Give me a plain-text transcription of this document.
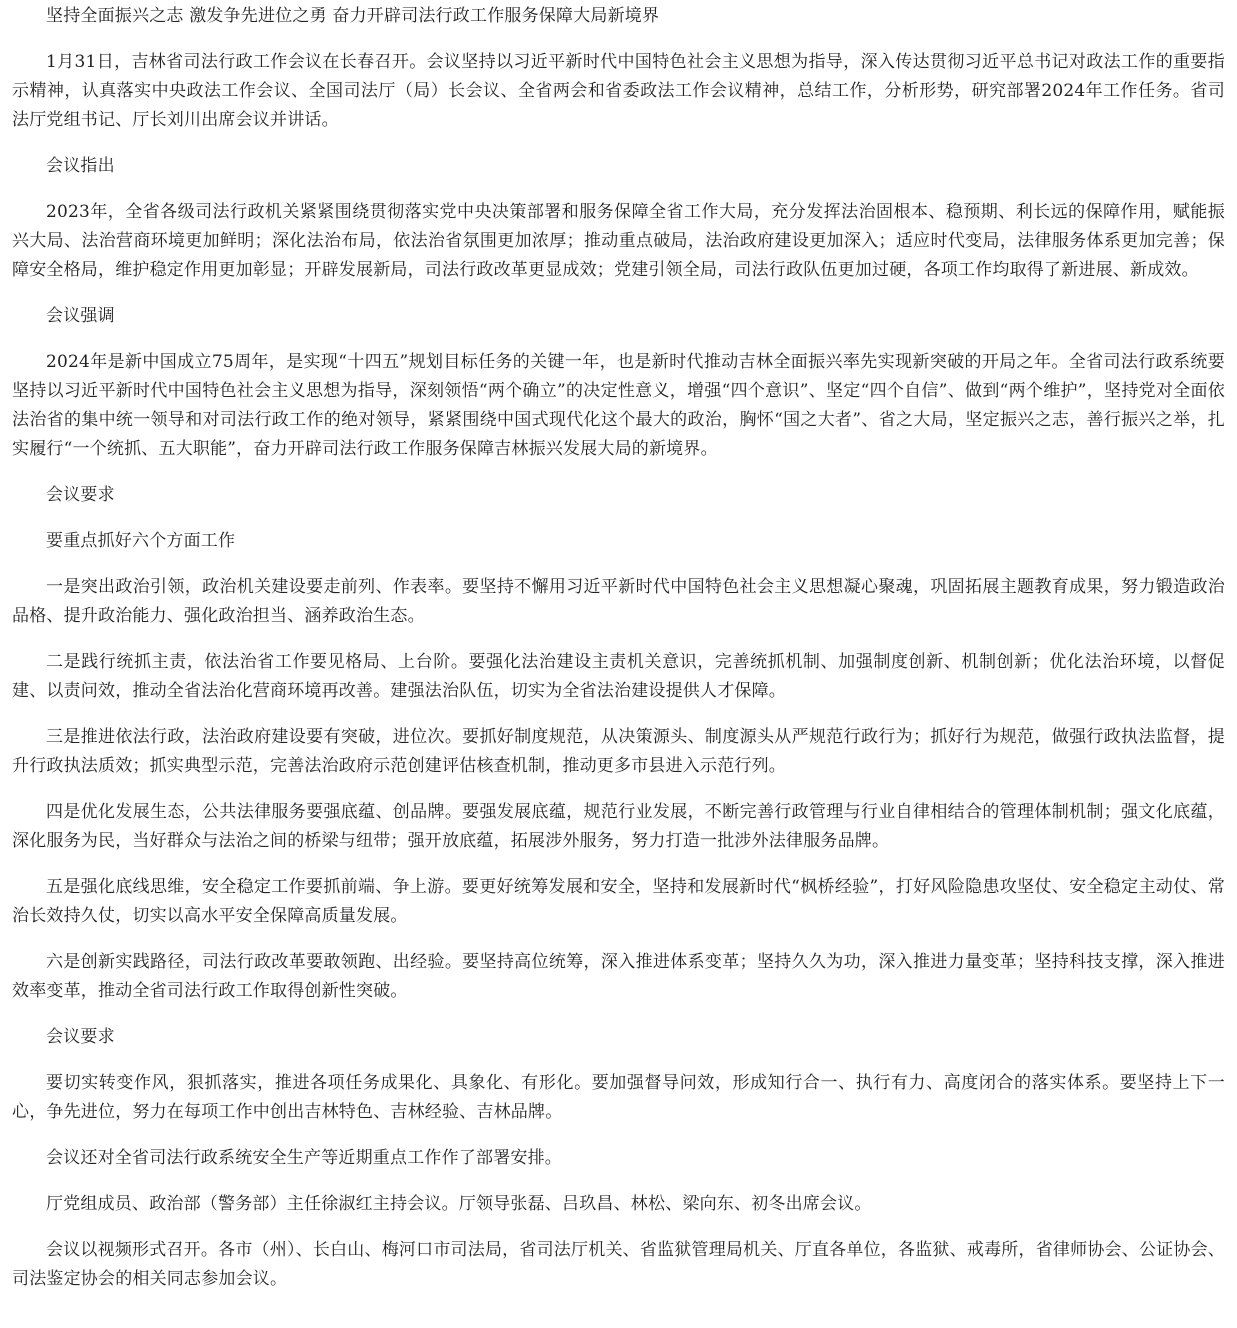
坚持全面振兴之志 激发争先进位之勇 奋力开辟司法行政工作服务保障大局新境界

1月31日，吉林省司法行政工作会议在长春召开。会议坚持以习近平新时代中国特色社会主义思想为指导，深入传达贯彻习近平总书记对政法工作的重要指示精神，认真落实中央政法工作会议、全国司法厅（局）长会议、全省两会和省委政法工作会议精神，总结工作，分析形势，研究部署2024年工作任务。省司法厅党组书记、厅长刘川出席会议并讲话。

会议指出

2023年，全省各级司法行政机关紧紧围绕贯彻落实党中央决策部署和服务保障全省工作大局，充分发挥法治固根本、稳预期、利长远的保障作用，赋能振兴大局、法治营商环境更加鲜明；深化法治布局，依法治省氛围更加浓厚；推动重点破局，法治政府建设更加深入；适应时代变局，法律服务体系更加完善；保障安全格局，维护稳定作用更加彰显；开辟发展新局，司法行政改革更显成效；党建引领全局，司法行政队伍更加过硬，各项工作均取得了新进展、新成效。

会议强调

2024年是新中国成立75周年，是实现“十四五”规划目标任务的关键一年，也是新时代推动吉林全面振兴率先实现新突破的开局之年。全省司法行政系统要坚持以习近平新时代中国特色社会主义思想为指导，深刻领悟“两个确立”的决定性意义，增强“四个意识”、坚定“四个自信”、做到“两个维护”，坚持党对全面依法治省的集中统一领导和对司法行政工作的绝对领导，紧紧围绕中国式现代化这个最大的政治，胸怀“国之大者”、省之大局，坚定振兴之志，善行振兴之举，扎实履行“一个统抓、五大职能”，奋力开辟司法行政工作服务保障吉林振兴发展大局的新境界。

会议要求

要重点抓好六个方面工作

一是突出政治引领，政治机关建设要走前列、作表率。要坚持不懈用习近平新时代中国特色社会主义思想凝心聚魂，巩固拓展主题教育成果，努力锻造政治品格、提升政治能力、强化政治担当、涵养政治生态。

二是践行统抓主责，依法治省工作要见格局、上台阶。要强化法治建设主责机关意识，完善统抓机制、加强制度创新、机制创新；优化法治环境，以督促建、以责问效，推动全省法治化营商环境再改善。建强法治队伍，切实为全省法治建设提供人才保障。

三是推进依法行政，法治政府建设要有突破，进位次。要抓好制度规范，从决策源头、制度源头从严规范行政行为；抓好行为规范，做强行政执法监督，提升行政执法质效；抓实典型示范，完善法治政府示范创建评估核查机制，推动更多市县进入示范行列。

四是优化发展生态，公共法律服务要强底蕴、创品牌。要强发展底蕴，规范行业发展，不断完善行政管理与行业自律相结合的管理体制机制；强文化底蕴，深化服务为民，当好群众与法治之间的桥梁与纽带；强开放底蕴，拓展涉外服务，努力打造一批涉外法律服务品牌。

五是强化底线思维，安全稳定工作要抓前端、争上游。要更好统筹发展和安全，坚持和发展新时代“枫桥经验”，打好风险隐患攻坚仗、安全稳定主动仗、常治长效持久仗，切实以高水平安全保障高质量发展。

六是创新实践路径，司法行政改革要敢领跑、出经验。要坚持高位统筹，深入推进体系变革；坚持久久为功，深入推进力量变革；坚持科技支撑，深入推进效率变革，推动全省司法行政工作取得创新性突破。

会议要求

要切实转变作风，狠抓落实，推进各项任务成果化、具象化、有形化。要加强督导问效，形成知行合一、执行有力、高度闭合的落实体系。要坚持上下一心，争先进位，努力在每项工作中创出吉林特色、吉林经验、吉林品牌。

会议还对全省司法行政系统安全生产等近期重点工作作了部署安排。

厅党组成员、政治部（警务部）主任徐淑红主持会议。厅领导张磊、吕玖昌、林松、梁向东、初冬出席会议。

会议以视频形式召开。各市（州）、长白山、梅河口市司法局，省司法厅机关、省监狱管理局机关、厅直各单位，各监狱、戒毒所，省律师协会、公证协会、司法鉴定协会的相关同志参加会议。
